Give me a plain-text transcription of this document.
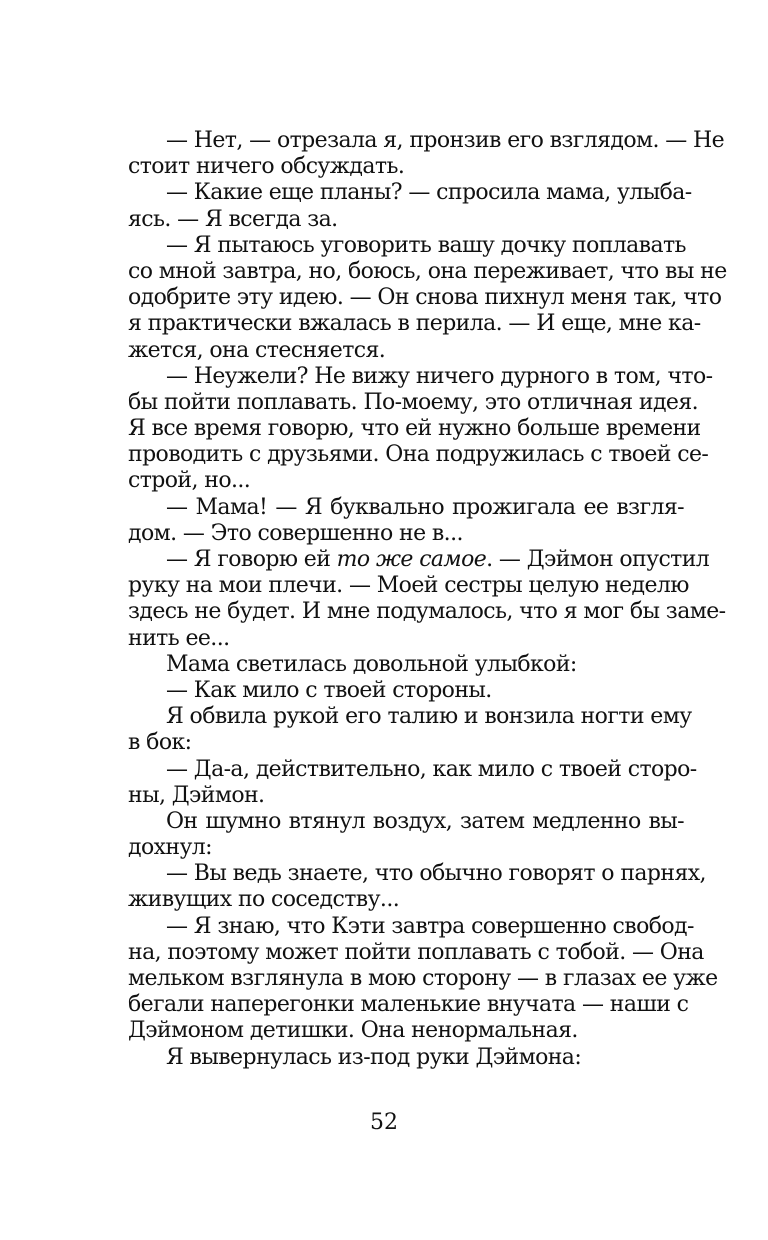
— Нет, — отрезала я, пронзив его взглядом. — Не
стоит ничего обсуждать.
— Какие еще планы? — спросила мама, улыба-
ясь. — Я всегда за.
— Я пытаюсь уговорить вашу дочку поплавать
со мной завтра, но, боюсь, она переживает, что вы не
одобрите эту идею. — Он снова пихнул меня так, что
я практически вжалась в перила. — И еще, мне ка-
жется, она стесняется.
— Неужели? Не вижу ничего дурного в том, что-
бы пойти поплавать. По-моему, это отличная идея.
Я все время говорю, что ей нужно больше времени
проводить с друзьями. Она подружилась с твоей се-
строй, но...
— Мама! — Я буквально прожигала ее взгля-
дом. — Это совершенно не в...
— Я говорю ей то же самое. — Дэймон опустил
руку на мои плечи. — Моей сестры целую неделю
здесь не будет. И мне подумалось, что я мог бы заме-
нить ее...
Мама светилась довольной улыбкой:
— Как мило с твоей стороны.
Я обвила рукой его талию и вонзила ногти ему
в бок:
— Да-а, действительно, как мило с твоей сторо-
ны, Дэймон.
Он шумно втянул воздух, затем медленно вы-
дохнул:
— Вы ведь знаете, что обычно говорят о парнях,
живущих по соседству...
— Я знаю, что Кэти завтра совершенно свобод-
на, поэтому может пойти поплавать с тобой. — Она
мельком взглянула в мою сторону — в глазах ее уже
бегали наперегонки маленькие внучата — наши с
Дэймоном детишки. Она ненормальная.
Я вывернулась из-под руки Дэймона:
52
